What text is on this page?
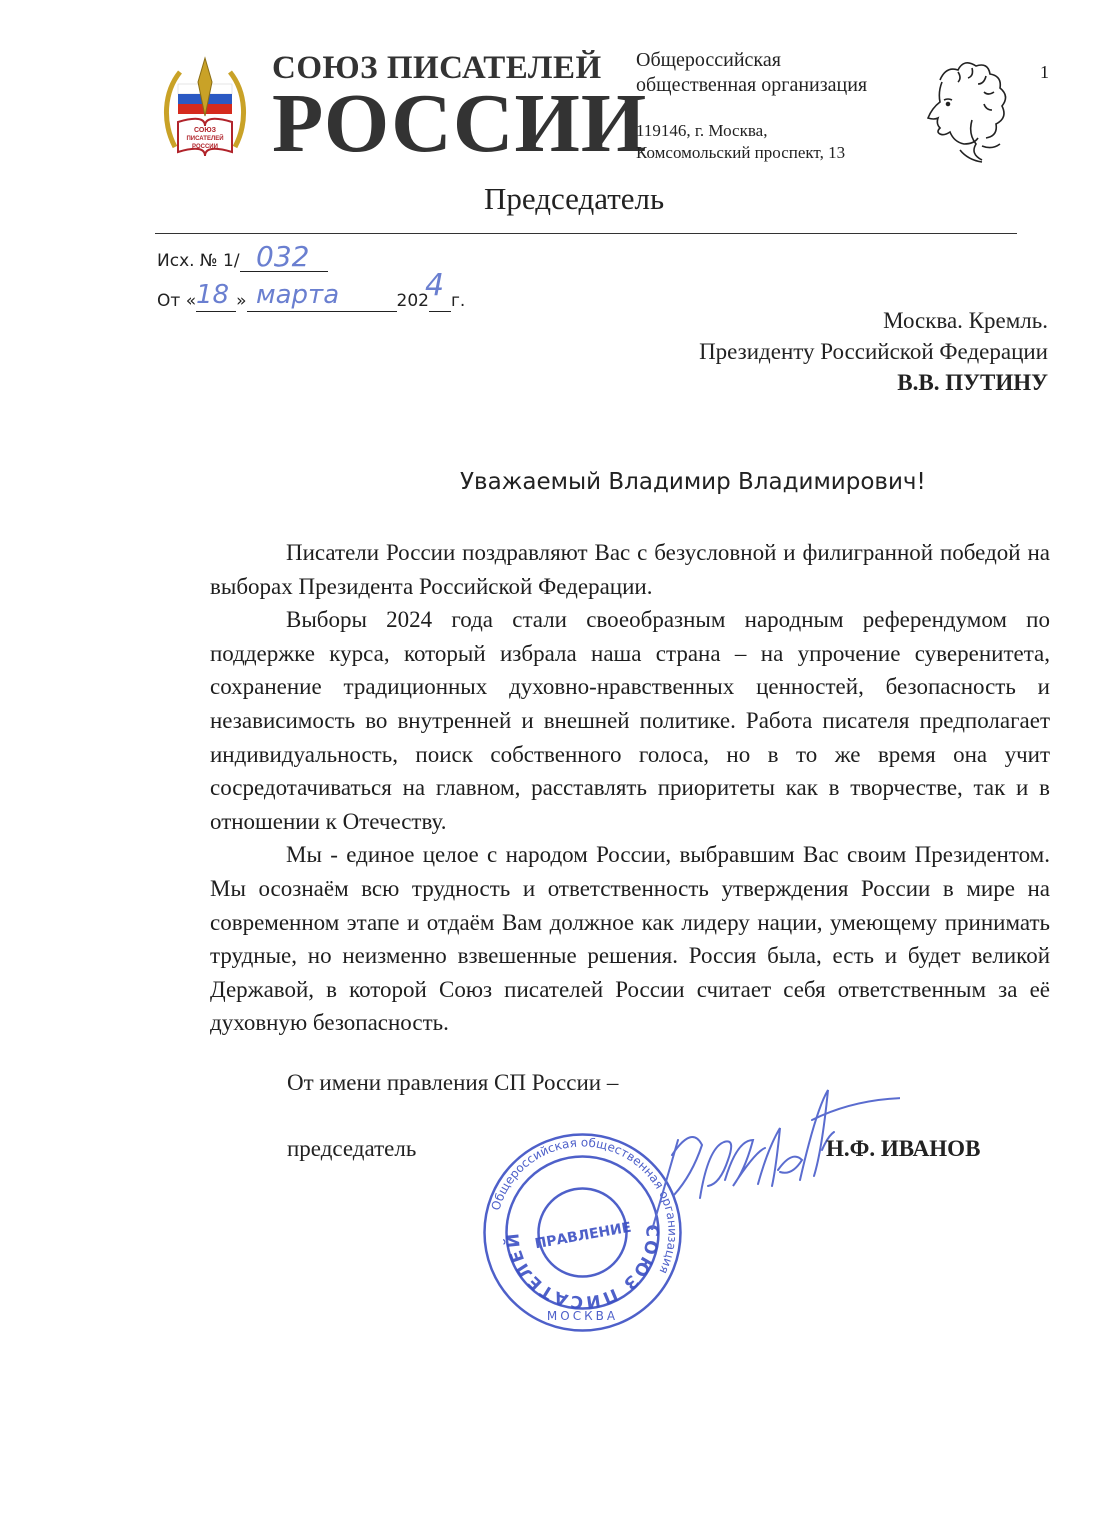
СОЮЗ
ПИСАТЕЛЕЙ
РОССИИ
СОЮЗ ПИСАТЕЛЕЙ
РОССИИ
Общероссийская
общественная организация
119146, г. Москва,
Комсомольский проспект, 13
1
Председатель
Исх. № 1/ 032
От « »	202 г.
18 марта	4
Москва. Кремль.
Президенту Российской Федерации
В.В. ПУТИНУ
Уважаемый Владимир Владимирович!

Писатели России поздравляют Вас с безусловной и филигранной победой на выборах Президента Российской Федерации.

Выборы 2024 года стали своеобразным народным референдумом по поддержке курса, который избрала наша страна – на упрочение суверенитета, сохранение традиционных духовно-нравственных ценностей, безопасность и независимость во внутренней и внешней политике. Работа писателя предполагает индивидуальность, поиск собственного голоса, но в то же время она учит сосредотачиваться на главном, расставлять приоритеты как в творчестве, так и в отношении к Отечеству.

Мы - единое целое с народом России, выбравшим Вас своим Президентом. Мы осознаём всю трудность и ответственность утверждения России в мире на современном этапе и отдаём Вам должное как лидеру нации, умеющему принимать трудные, но неизменно взвешенные решения. Россия была, есть и будет великой Державой, в которой Союз писателей России считает себя ответственным за её духовную безопасность.

От имени правления СП России –
председатель
Общероссийская общественная организация
СОЮЗ ПИСАТЕЛЕЙ ПРАВЛЕНИЕ
МОСКВА
Н.Ф. ИВАНОВ
